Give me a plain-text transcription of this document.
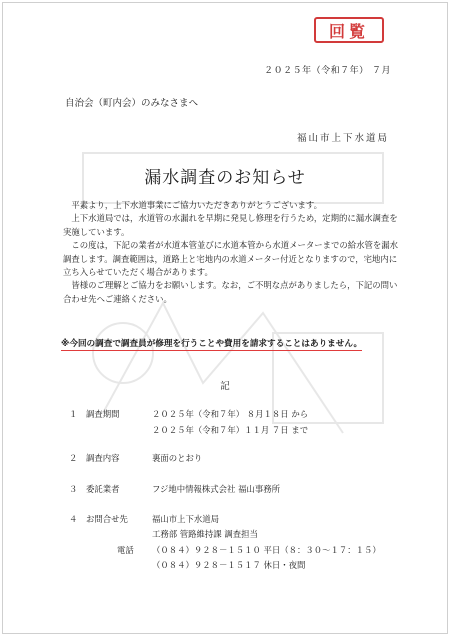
回覧
２０２５年（令和７年） ７月
自治会（町内会）のみなさまへ
福山市上下水道局
漏水調査のお知らせ

平素より，上下水道事業にご協力いただきありがとうございます。

上下水道局では，水道管の水漏れを早期に発見し修理を行うため，定期的に漏水調査を実施しています。

この度は，下記の業者が水道本管並びに水道本管から水道メーターまでの給水管を漏水調査します。調査範囲は，道路上と宅地内の水道メーター付近となりますので，宅地内に立ち入らせていただく場合があります。

皆様のご理解とご協力をお願いします。なお，ご不明な点がありましたら，下記の問い合わせ先へご連絡ください。

※今回の調査で調査員が修理を行うことや費用を請求することはありません。
記
１ 調査期間	２０２５年（令和７年） ８月１８日 から
２０２５年（令和７年）１１月 ７日 まで
２ 調査内容	裏面のとおり
３ 委託業者	フジ地中情報株式会社 福山事務所
４ お問合せ先	福山市上下水道局
工務部 管路維持課 調査担当
電話 （０８４）９２８－１５１０ 平日（８：３０～１７：１５）
（０８４）９２８－１５１７ 休日・夜間
